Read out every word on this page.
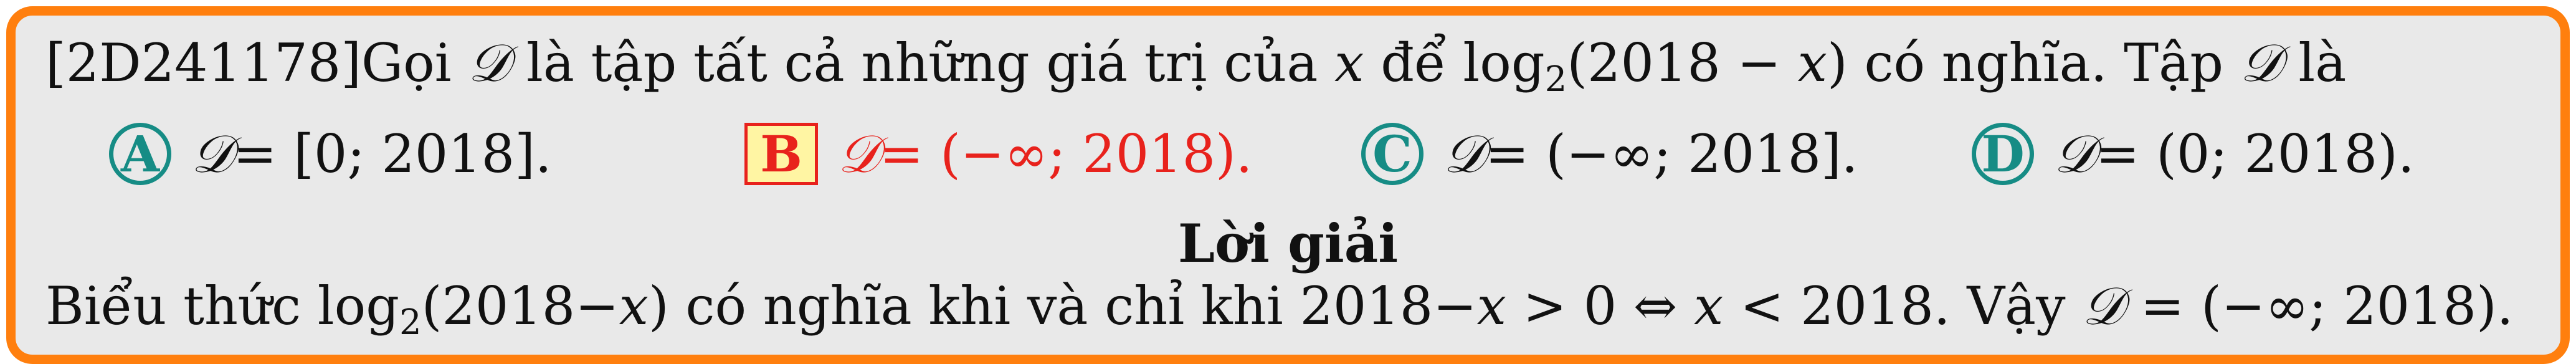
[2D241178]Gọi 𝒟 là tập tất cả những giá trị của x để $\log_2(2018 - x)$ có nghĩa. Tập 𝒟 là
A 𝒟 = [0; 2018].	B 𝒟 = (−∞; 2018). C 𝒟 = (−∞; 2018]. D 𝒟 = (0; 2018).
Lời giải
Biểu thức $\log_2(2018-x)$ có nghĩa khi và chỉ khi 2018−x > 0 ⇔ x < 2018. Vậy 𝒟 = (−∞; 2018).
